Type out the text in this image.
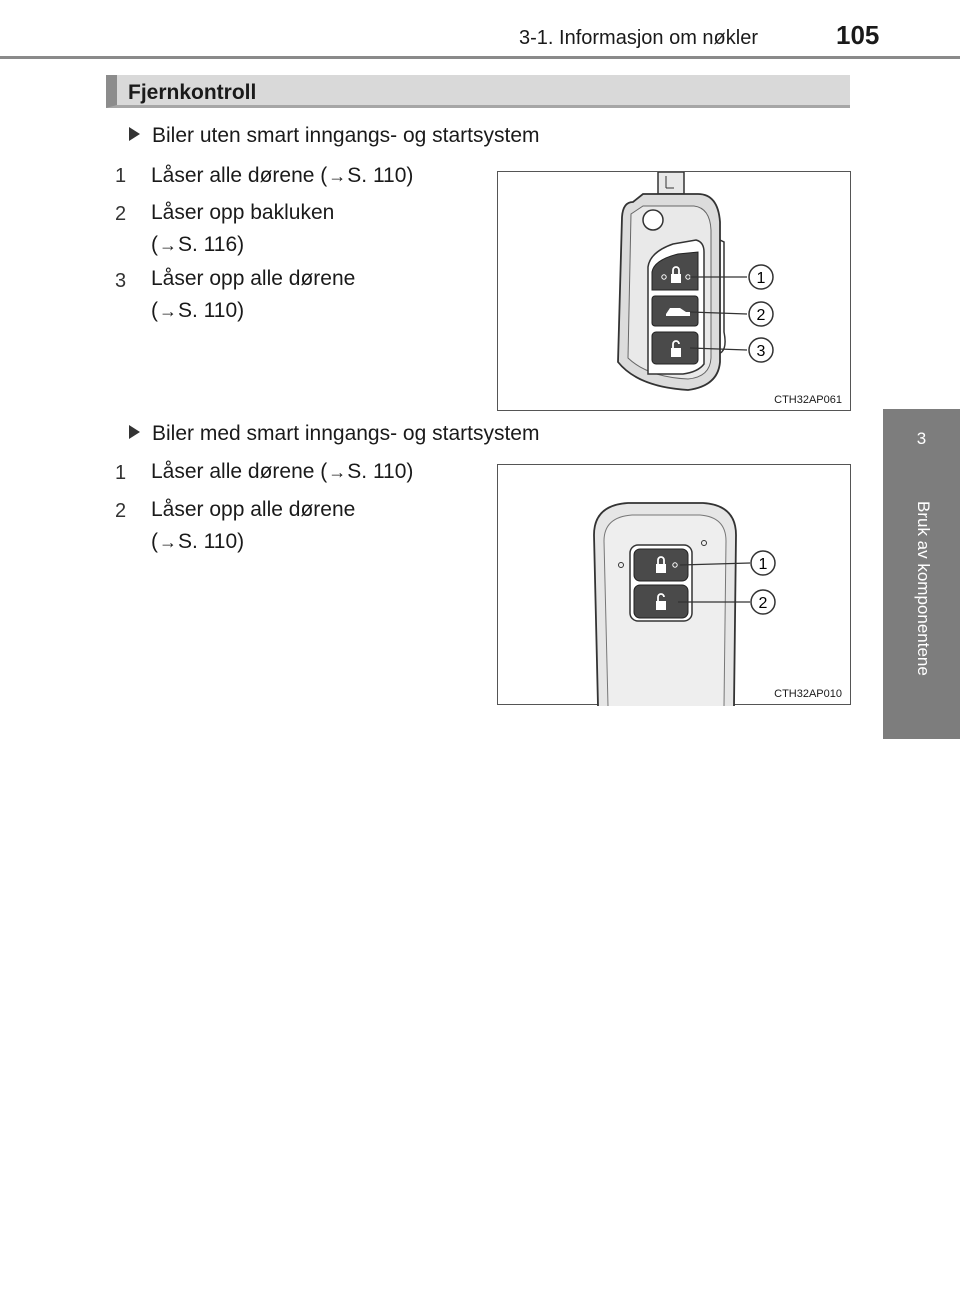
3-1. Informasjon om nøkler	105
3
Bruk av komponentene
Fjernkontroll
Biler uten smart inngangs- og startsystem
1	Låser alle dørene (→S. 110)
2	Låser opp bakluken
(→S. 116)
3	Låser opp alle dørene
(→S. 110)
1
2
3
CTH32AP061
Biler med smart inngangs- og startsystem
1	Låser alle dørene (→S. 110)
2	Låser opp alle dørene
(→S. 110)
1
2
CTH32AP010
